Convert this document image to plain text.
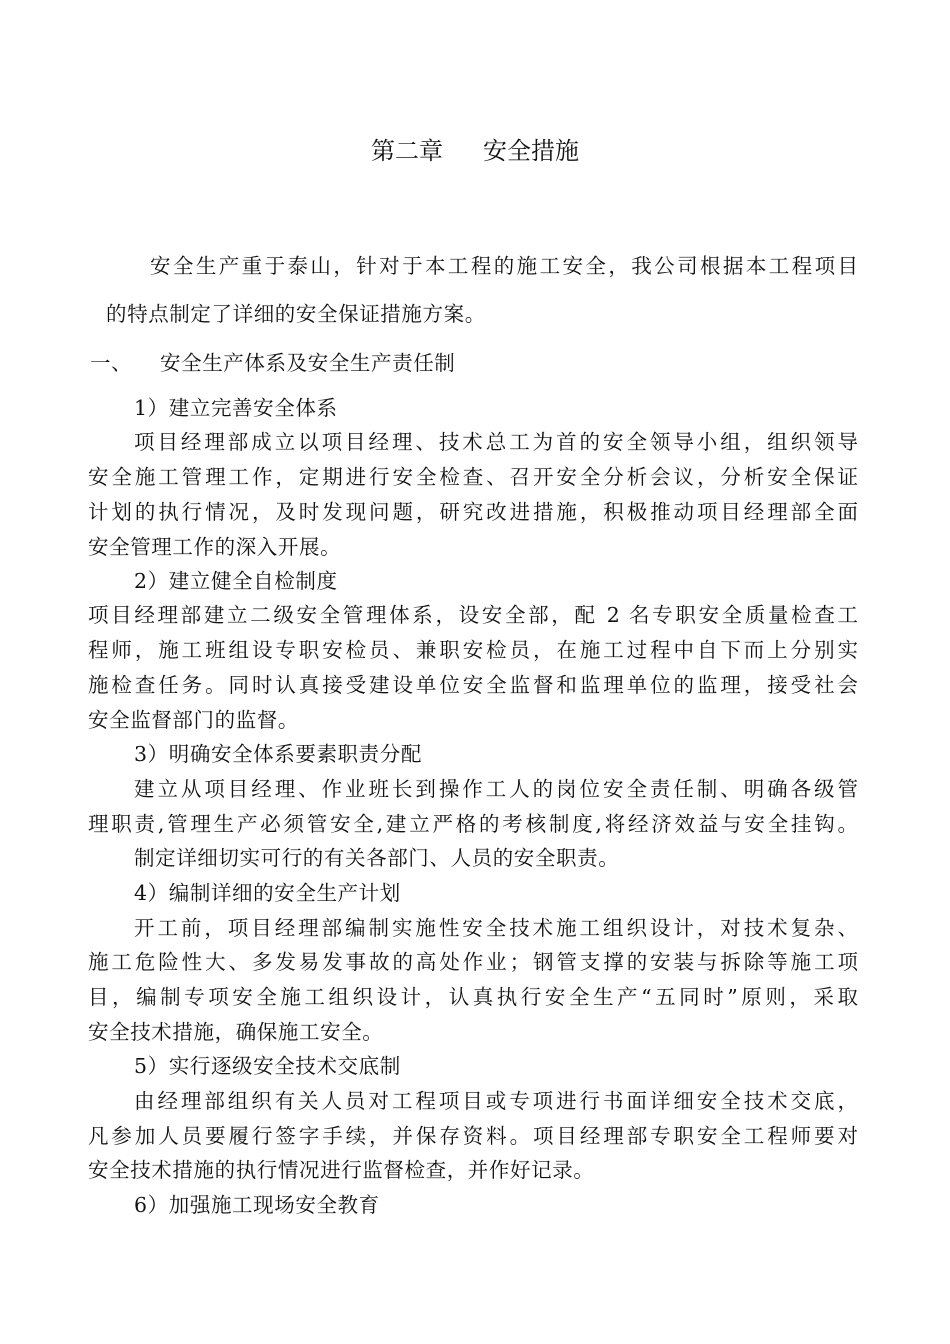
第二章 安全措施
安全生产重于泰山，针对于本工程的施工安全，我公司根据本工程项目
的特点制定了详细的安全保证措施方案。
一、 安全生产体系及安全生产责任制
1）建立完善安全体系
项目经理部成立以项目经理、技术总工为首的安全领导小组，组织领导
安全施工管理工作，定期进行安全检查、召开安全分析会议，分析安全保证
计划的执行情况，及时发现问题，研究改进措施，积极推动项目经理部全面
安全管理工作的深入开展。
2）建立健全自检制度
项目经理部建立二级安全管理体系，设安全部，配 2 名专职安全质量检查工
程师，施工班组设专职安检员、兼职安检员，在施工过程中自下而上分别实
施检查任务。同时认真接受建设单位安全监督和监理单位的监理，接受社会
安全监督部门的监督。
3）明确安全体系要素职责分配
建立从项目经理、作业班长到操作工人的岗位安全责任制、明确各级管
理职责,管理生产必须管安全,建立严格的考核制度,将经济效益与安全挂钩。
制定详细切实可行的有关各部门、人员的安全职责。
4）编制详细的安全生产计划
开工前，项目经理部编制实施性安全技术施工组织设计，对技术复杂、
施工危险性大、多发易发事故的高处作业；钢管支撑的安装与拆除等施工项
目，编制专项安全施工组织设计，认真执行安全生产“五同时”原则，采取
安全技术措施，确保施工安全。
5）实行逐级安全技术交底制
由经理部组织有关人员对工程项目或专项进行书面详细安全技术交底，
凡参加人员要履行签字手续，并保存资料。项目经理部专职安全工程师要对
安全技术措施的执行情况进行监督检查，并作好记录。
6）加强施工现场安全教育
